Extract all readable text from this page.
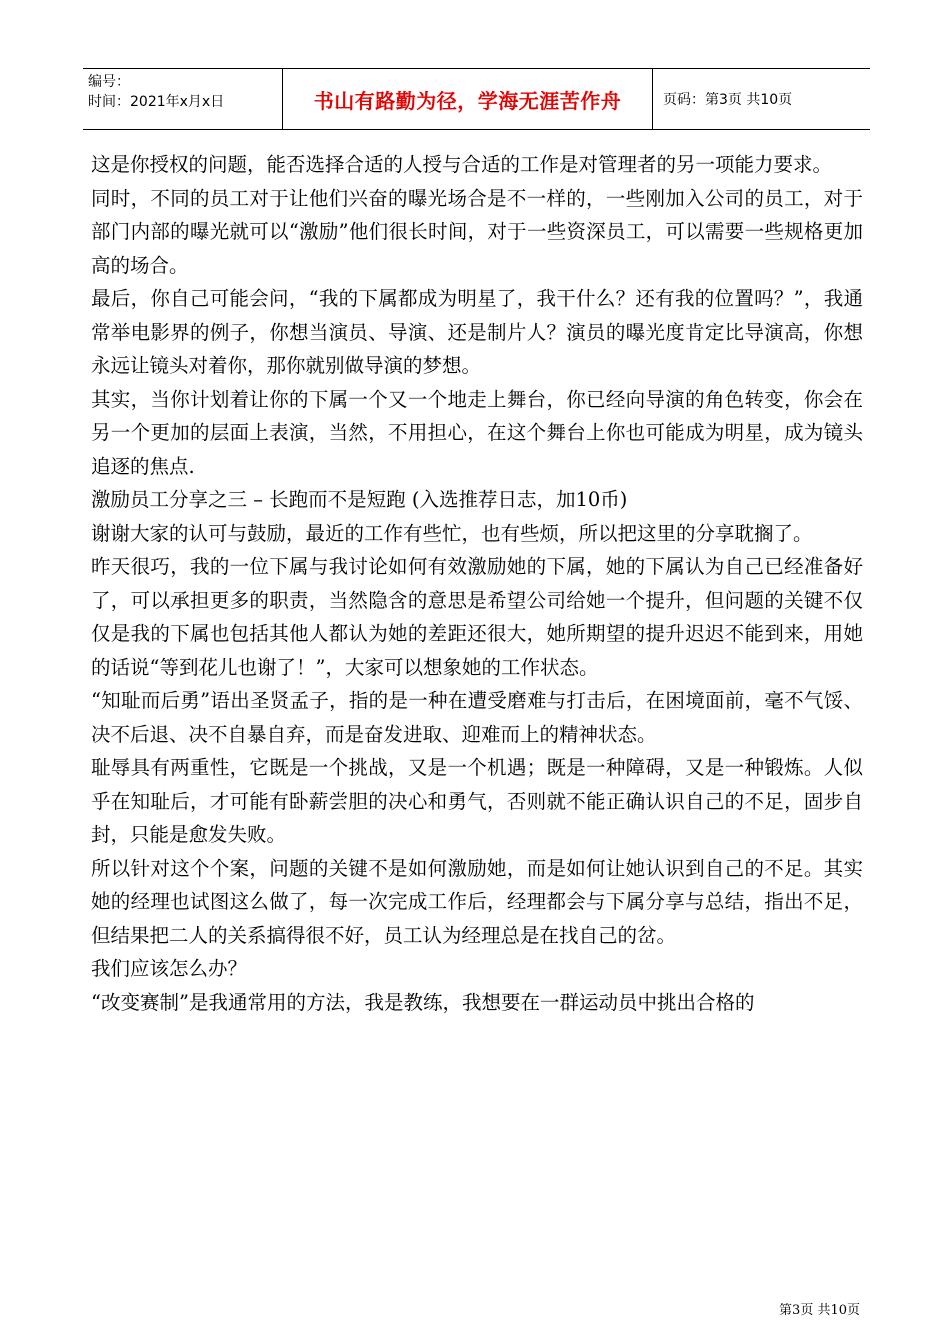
编号：
时间：2021年x月x日	书山有路勤为径，学海无涯苦作舟	页码：第3页 共10页

这是你授权的问题，能否选择合适的人授与合适的工作是对管理者的另一项能力要求。

同时，不同的员工对于让他们兴奋的曝光场合是不一样的，一些刚加入公司的员工，对于部门内部的曝光就可以“激励”他们很长时间，对于一些资深员工，可以需要一些规格更加高的场合。

最后，你自己可能会问，“我的下属都成为明星了，我干什么？还有我的位置吗？”，我通常举电影界的例子，你想当演员、导演、还是制片人？演员的曝光度肯定比导演高，你想永远让镜头对着你，那你就别做导演的梦想。

其实，当你计划着让你的下属一个又一个地走上舞台，你已经向导演的角色转变，你会在另一个更加的层面上表演，当然，不用担心，在这个舞台上你也可能成为明星，成为镜头追逐的焦点.

激励员工分享之三 – 长跑而不是短跑 (入选推荐日志，加10币)

谢谢大家的认可与鼓励，最近的工作有些忙，也有些烦，所以把这里的分享耽搁了。

昨天很巧，我的一位下属与我讨论如何有效激励她的下属，她的下属认为自己已经准备好了，可以承担更多的职责，当然隐含的意思是希望公司给她一个提升，但问题的关键不仅仅是我的下属也包括其他人都认为她的差距还很大，她所期望的提升迟迟不能到来，用她的话说“等到花儿也谢了！”，大家可以想象她的工作状态。

“知耻而后勇”语出圣贤孟子，指的是一种在遭受磨难与打击后，在困境面前，毫不气馁、决不后退、决不自暴自弃，而是奋发进取、迎难而上的精神状态。

耻辱具有两重性，它既是一个挑战，又是一个机遇；既是一种障碍，又是一种锻炼。人似乎在知耻后，才可能有卧薪尝胆的决心和勇气，否则就不能正确认识自己的不足，固步自封，只能是愈发失败。

所以针对这个个案，问题的关键不是如何激励她，而是如何让她认识到自己的不足。其实她的经理也试图这么做了，每一次完成工作后，经理都会与下属分享与总结，指出不足，但结果把二人的关系搞得很不好，员工认为经理总是在找自己的岔。

我们应该怎么办？

“改变赛制”是我通常用的方法，我是教练，我想要在一群运动员中挑出合格的

第3页 共10页
